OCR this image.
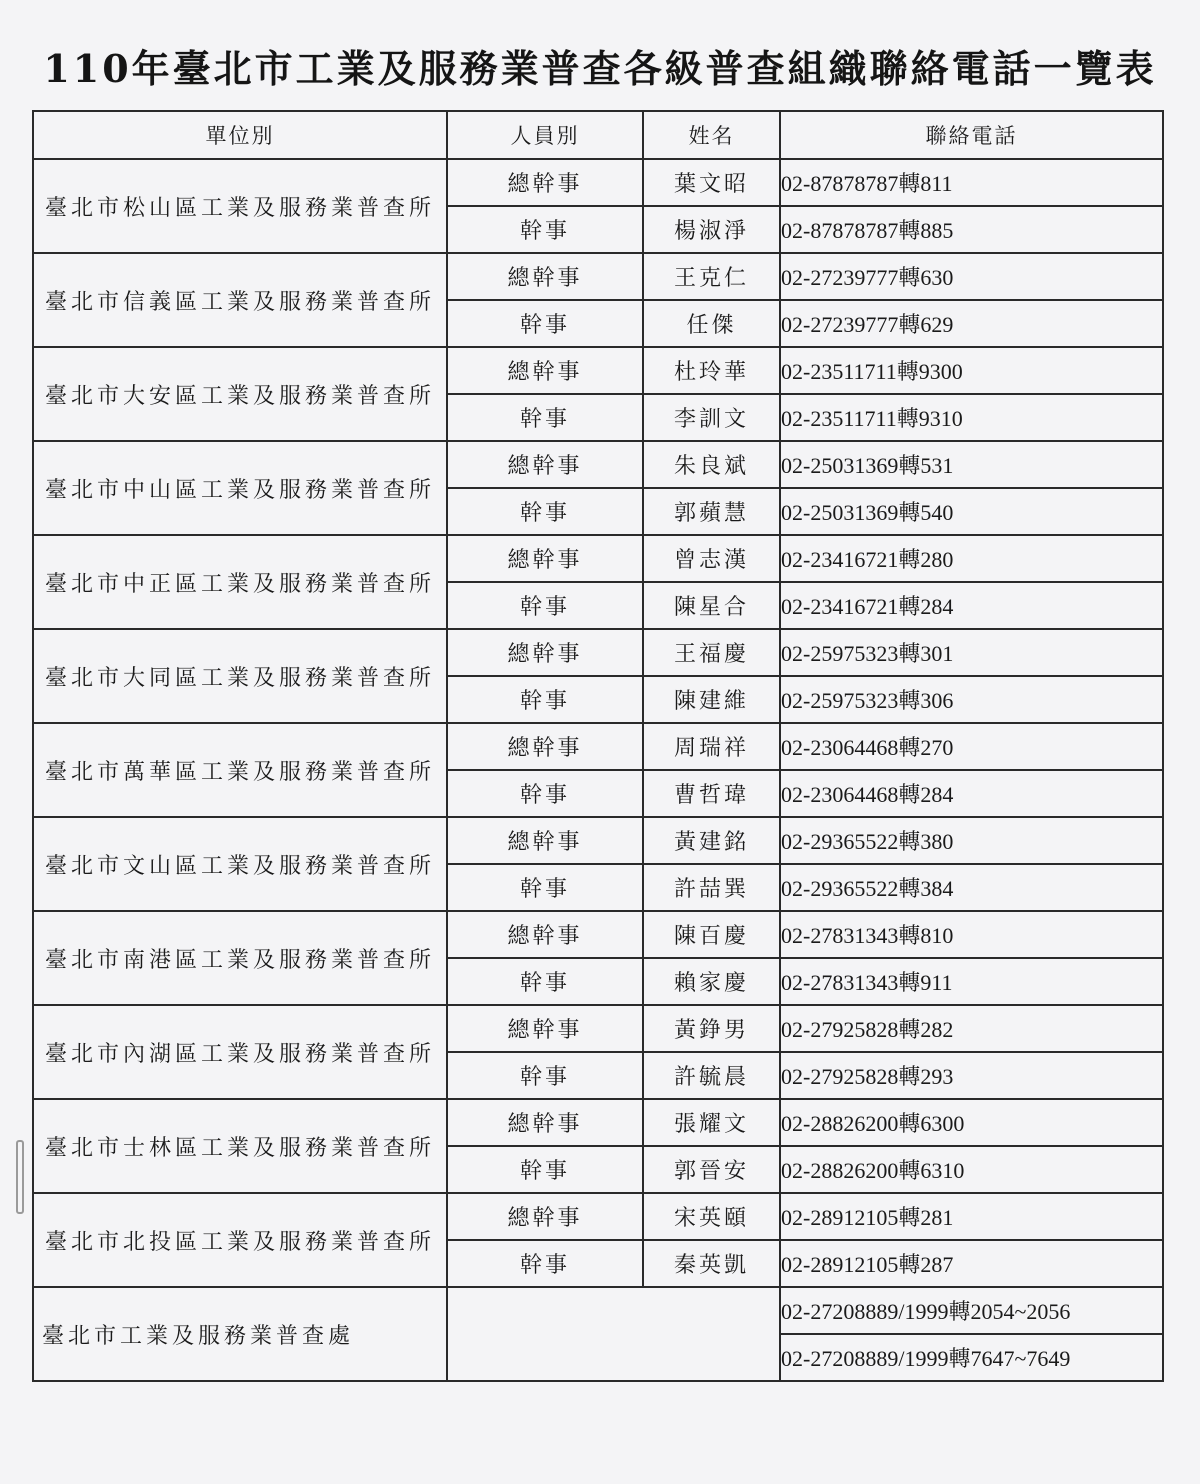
110年臺北市工業及服務業普查各級普查組織聯絡電話一覽表
單位別	人員別	姓名	聯絡電話
臺北市松山區工業及服務業普查所	總幹事	葉文昭	02-87878787轉811
	幹事	楊淑淨	02-87878787轉885
臺北市信義區工業及服務業普查所	總幹事	王克仁	02-27239777轉630
	幹事	任傑	02-27239777轉629
臺北市大安區工業及服務業普查所	總幹事	杜玲華	02-23511711轉9300
	幹事	李訓文	02-23511711轉9310
臺北市中山區工業及服務業普查所	總幹事	朱良斌	02-25031369轉531
	幹事	郭蘋慧	02-25031369轉540
臺北市中正區工業及服務業普查所	總幹事	曾志漢	02-23416721轉280
	幹事	陳星合	02-23416721轉284
臺北市大同區工業及服務業普查所	總幹事	王福慶	02-25975323轉301
	幹事	陳建維	02-25975323轉306
臺北市萬華區工業及服務業普查所	總幹事	周瑞祥	02-23064468轉270
	幹事	曹哲瑋	02-23064468轉284
臺北市文山區工業及服務業普查所	總幹事	黃建銘	02-29365522轉380
	幹事	許喆巽	02-29365522轉384
臺北市南港區工業及服務業普查所	總幹事	陳百慶	02-27831343轉810
	幹事	賴家慶	02-27831343轉911
臺北市內湖區工業及服務業普查所	總幹事	黃錚男	02-27925828轉282
	幹事	許毓晨	02-27925828轉293
臺北市士林區工業及服務業普查所	總幹事	張耀文	02-28826200轉6300
	幹事	郭晉安	02-28826200轉6310
臺北市北投區工業及服務業普查所	總幹事	宋英頤	02-28912105轉281
	幹事	秦英凱	02-28912105轉287
臺北市工業及服務業普查處			02-27208889/1999轉2054~2056
			02-27208889/1999轉7647~7649
